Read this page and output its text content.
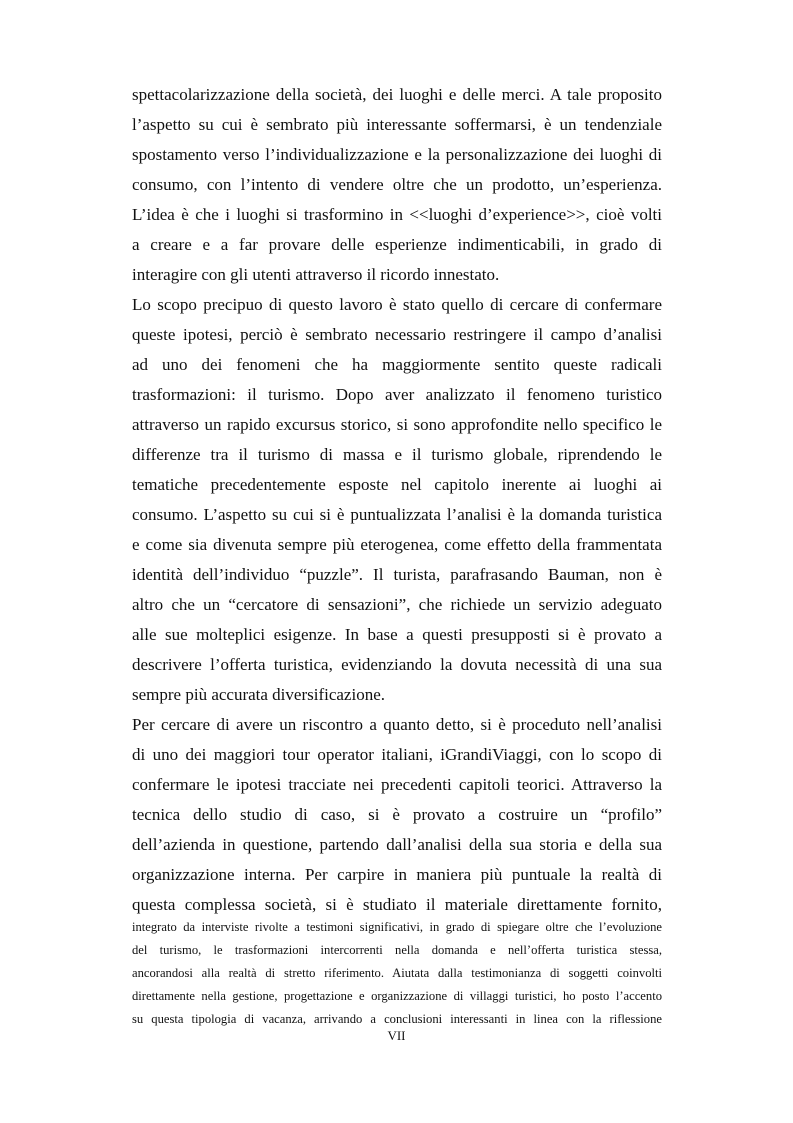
spettacolarizzazione della società, dei luoghi e delle merci. A tale proposito
l’aspetto su cui è sembrato più interessante soffermarsi, è un tendenziale
spostamento verso l’individualizzazione e la personalizzazione dei luoghi di
consumo, con l’intento di vendere oltre che un prodotto, un’esperienza.
L’idea è che i luoghi si trasformino in <<luoghi d’experience>>, cioè volti
a creare e a far provare delle esperienze indimenticabili, in grado di
interagire con gli utenti attraverso il ricordo innestato.
Lo scopo precipuo di questo lavoro è stato quello di cercare di confermare
queste ipotesi, perciò è sembrato necessario restringere il campo d’analisi
ad uno dei fenomeni che ha maggiormente sentito queste radicali
trasformazioni: il turismo. Dopo aver analizzato il fenomeno turistico
attraverso un rapido excursus storico, si sono approfondite nello specifico le
differenze tra il turismo di massa e il turismo globale, riprendendo le
tematiche precedentemente esposte nel capitolo inerente ai luoghi ai
consumo. L’aspetto su cui si è puntualizzata l’analisi è la domanda turistica
e come sia divenuta sempre più eterogenea, come effetto della frammentata
identità dell’individuo “puzzle”. Il turista, parafrasando Bauman, non è
altro che un “cercatore di sensazioni”, che richiede un servizio adeguato
alle sue molteplici esigenze. In base a questi presupposti si è provato a
descrivere l’offerta turistica, evidenziando la dovuta necessità di una sua
sempre più accurata diversificazione.
Per cercare di avere un riscontro a quanto detto, si è proceduto nell’analisi
di uno dei maggiori tour operator italiani, iGrandiViaggi, con lo scopo di
confermare le ipotesi tracciate nei precedenti capitoli teorici. Attraverso la
tecnica dello studio di caso, si è provato a costruire un “profilo”
dell’azienda in questione, partendo dall’analisi della sua storia e della sua
organizzazione interna. Per carpire in maniera più puntuale la realtà di
questa complessa società, si è studiato il materiale direttamente fornito,
integrato da interviste rivolte a testimoni significativi, in grado di spiegare oltre che l’evoluzione
del turismo, le trasformazioni intercorrenti nella domanda e nell’offerta turistica stessa,
ancorandosi alla realtà di stretto riferimento. Aiutata dalla testimonianza di soggetti coinvolti
direttamente nella gestione, progettazione e organizzazione di villaggi turistici, ho posto l’accento
su questa tipologia di vacanza, arrivando a conclusioni interessanti in linea con la riflessione
VII
